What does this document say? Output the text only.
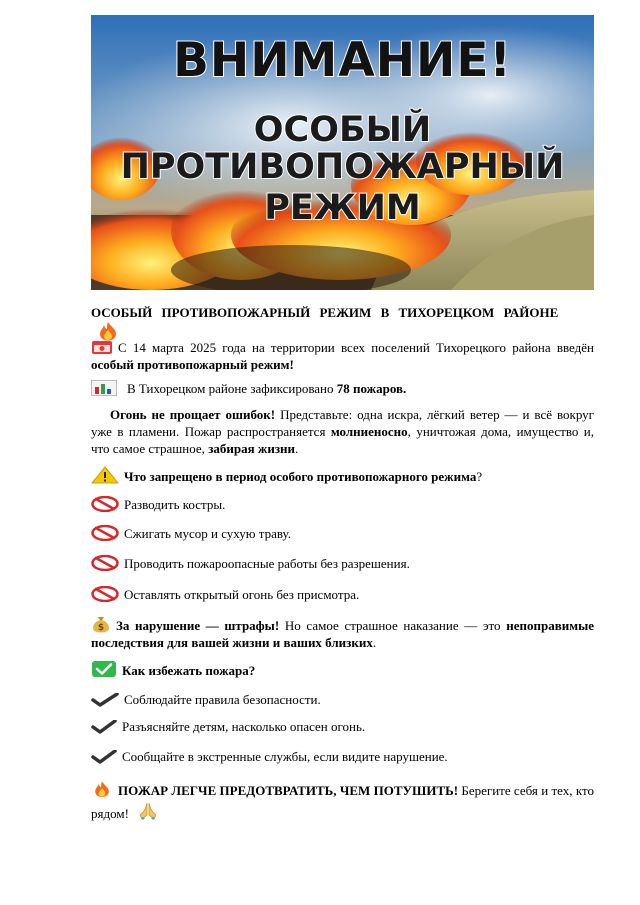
ВНИМАНИЕ!
ОСОБЫЙ
ПРОТИВОПОЖАРНЫЙ
РЕЖИМ
ОСОБЫЙ ПРОТИВОПОЖАРНЫЙ РЕЖИМ В ТИХОРЕЦКОМ РАЙОНЕ
С 14 марта 2025 года на территории всех поселений Тихорецкого района введён особый противопожарный режим!
В Тихорецком районе зафиксировано 78 пожаров.
Огонь не прощает ошибок! Представьте: одна искра, лёгкий ветер — и всё вокруг уже в пламени. Пожар распространяется молниеносно, уничтожая дома, имущество и, что самое страшное, забирая жизни.
Что запрещено в период особого противопожарного режима?
Разводить костры.
Сжигать мусор и сухую траву.
Проводить пожароопасные работы без разрешения.
Оставлять открытый огонь без присмотра.
$ За нарушение — штрафы! Но самое страшное наказание — это непоправимые последствия для вашей жизни и ваших близких.
Как избежать пожара?
Соблюдайте правила безопасности.
Разъясняйте детям, насколько опасен огонь.
Сообщайте в экстренные службы, если видите нарушение.
ПОЖАР ЛЕГЧЕ ПРЕДОТВРАТИТЬ, ЧЕМ ПОТУШИТЬ! Берегите себя и тех, кто рядом!
